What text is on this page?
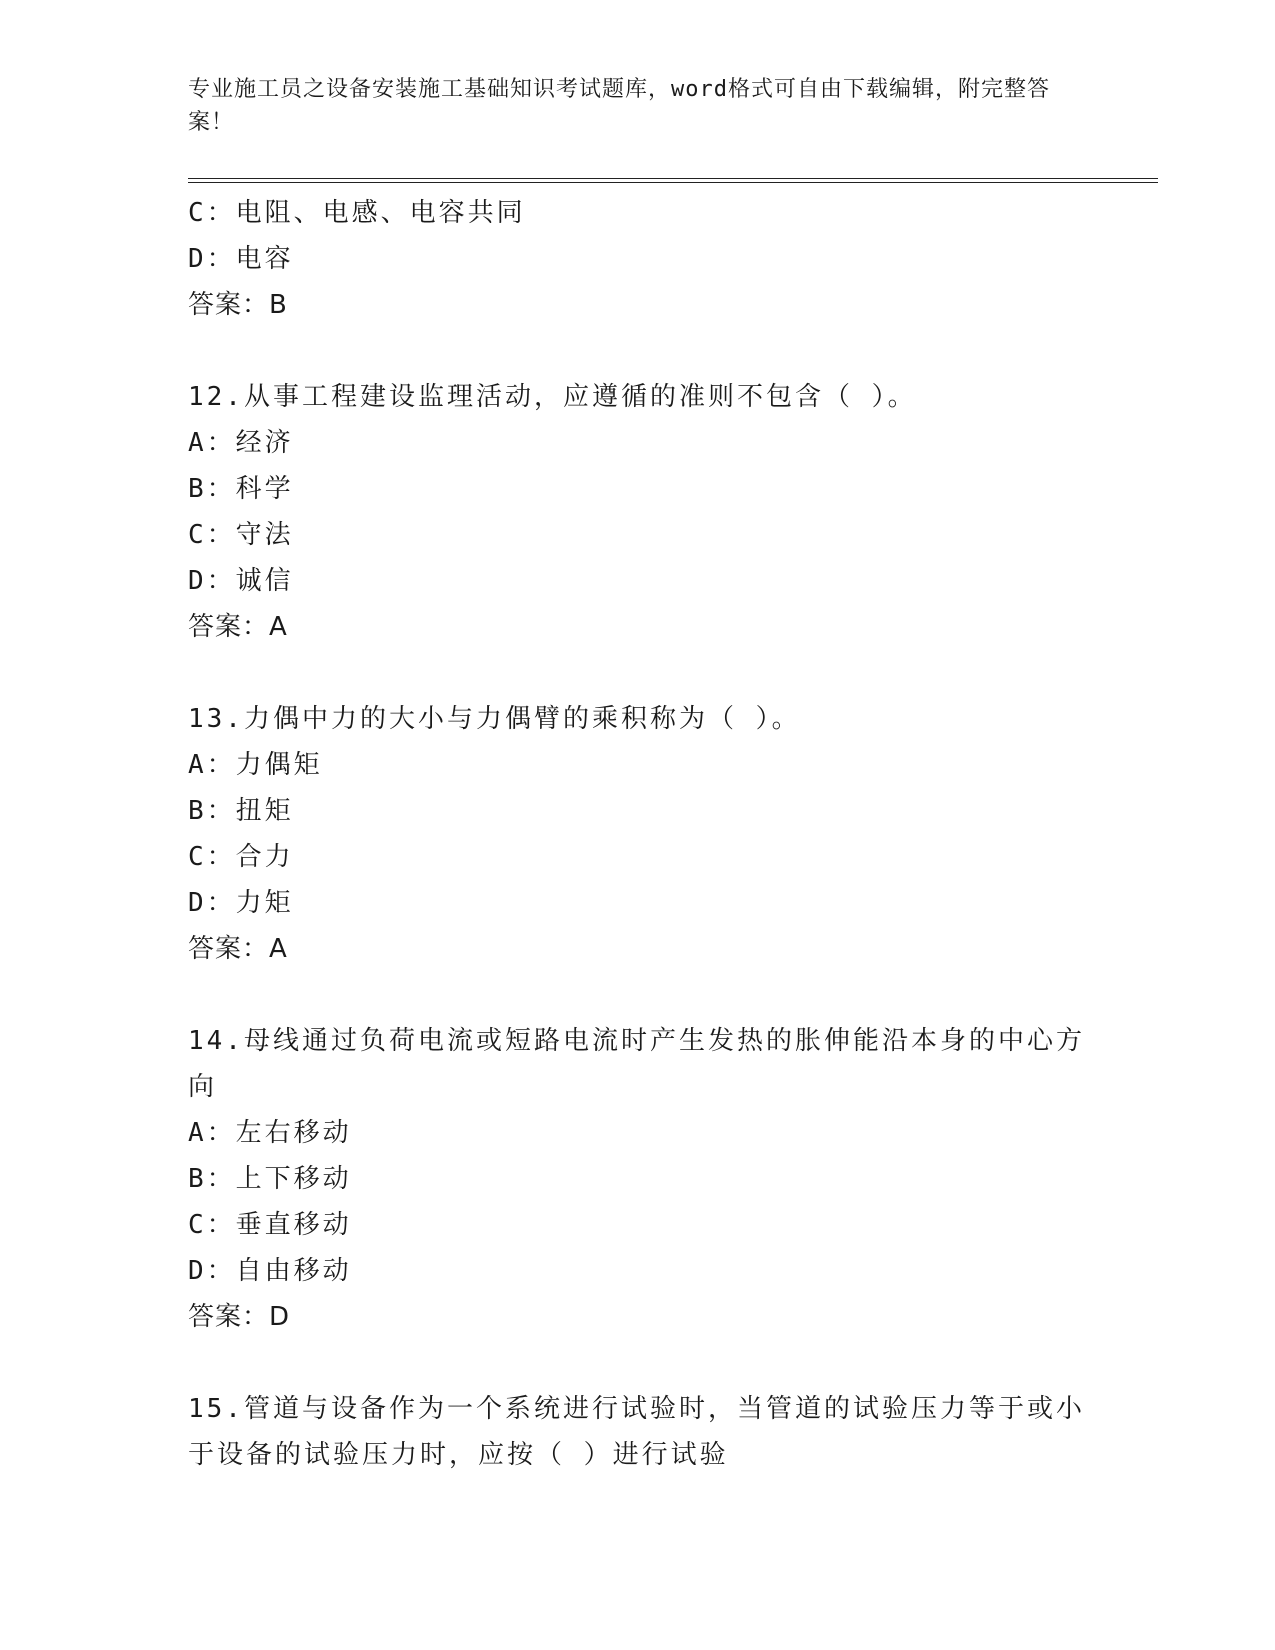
专业施工员之设备安装施工基础知识考试题库，word格式可自由下载编辑，附完整答案！
C：电阻、电感、电容共同
D：电容
答案：B
12.从事工程建设监理活动，应遵循的准则不包含（ ）。
A：经济
B：科学
C：守法
D：诚信
答案：A
13.力偶中力的大小与力偶臂的乘积称为（ ）。
A：力偶矩
B：扭矩
C：合力
D：力矩
答案：A
14.母线通过负荷电流或短路电流时产生发热的胀伸能沿本身的中心方向
A：左右移动
B：上下移动
C：垂直移动
D：自由移动
答案：D
15.管道与设备作为一个系统进行试验时，当管道的试验压力等于或小于设备的试验压力时，应按（ ）进行试验
